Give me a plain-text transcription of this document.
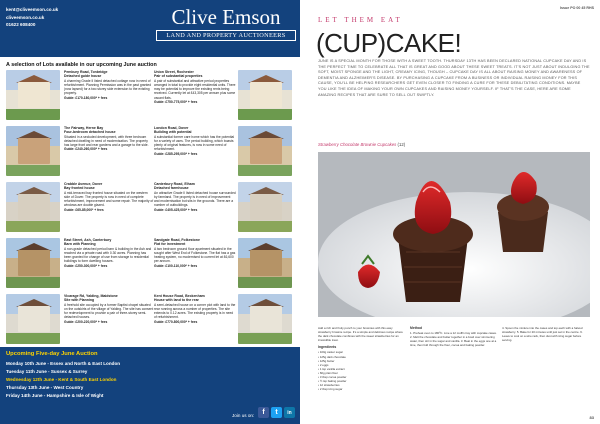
kent@cliveemson.co.uk
cliveemson.co.uk
01622 608400	Clive Emson
LAND AND PROPERTY AUCTIONEERS
A selection of Lots available in our upcoming June auction
Pembury Road, Tonbridge
Detached guide house
A charming Grade II listed detached cottage now in need of refurbishment. Planning Permission was in the past granted (now lapsed) for a two storey side extension to the existing property.
Guide: £170-180,000* + fees
The Fairway, Herne Bay
Four-bedroom detached house
Situated in a secluded development, with three bedroom detached dwelling in need of modernisation. The property has large front and rear gardens and a garage to the side.
Guide: £240-260,000* + fees
Crabble Avenue, Dover
Bay fronted house
A mid-terraced bay fronted house situated on the western side of Dover. The property is now in need of complete refurbishment, improvement and some repair. The majority of windows are double glazed.
Guide: £65-85,000* + fees
East Street, Ash, Canterbury
Barn with Planning
A non-grade detached period barn & building in the Ash and reached via a private road with 0.30 acres. Planning has been granted for change of use from storage to residential buildings to form dwelling houses.
Guide: £250-300,000* + fees
Vicarage Rd, Yalding, Maidstone
Site with Planning
A freehold site occupied by a former Baptist chapel situated on the outskirts of the village of Yalding. The site has consent for redevelopment to provide a pair of three-storey semi-detached houses.
Guide: £200-220,000* + fees
Union Street, Rochester
Pair of substantial properties
A pair of substantial and attractive period properties arranged in total to provide eight residential units. There may be potential to improve the existing rents being received. Currently let at £43,305 per annum plus some vacant flats.
Guide: £750-775,000* + fees
London Road, Dover
Building with potential
A substantial former care home which has the potential for a variety of uses. The period building, which boasts plenty of original features, is now in some need of refurbishment.
Guide: £285-295,000* + fees
Canterbury Road, Elham
Detached farmhouse
An attractive Grade II listed detached house surrounded by farmland. The property is in need of improvement and modernisation but sits in the grounds. There are a number of outbuildings.
Guide: £405-425,000* + fees
Sandgate Road, Folkestone
Flat for investment
A two bedroom ground floor apartment situated in the sought after West End of Folkestone. The flat has a gas heating system, no modernised to current let at £6,600 per annum.
Guide: £100-110,000* + fees
Kent House Road, Beckenham
House with land to the rear
A semi-detached house on a corner plot with land to the rear running across a number of properties. The site extends to 0.12 acres. The existing property is in need of refurbishment.
Guide: £770-800,000* + fees
Upcoming Five-day June Auction
Monday 10th June - Essex and North & East London
Tuesday 11th June - Sussex & Surrey
Wednesday 12th June - Kent & South East London
Thursday 13th June - West Country
Friday 14th June - Hampshire & Isle of Wight
Join us on:	f	t	in
Issue PO 00 45 RHS
LET THEM EAT
(CUP)CAKE!
JUNE IS A SPECIAL MONTH FOR THOSE WITH A SWEET TOOTH. THURSDAY 13TH HAS BEEN DECLARED NATIONAL CUPCAKE DAY AND IS THE PERFECT TIME TO CELEBRATE ALL THAT IS GREAT AND GOOD ABOUT THESE SWEET TREATS. IT'S NOT JUST ABOUT INDULGING THE SOFT, MOIST SPONGE AND THE LIGHT, CREAMY ICING, THOUGH – CUPCAKE DAY IS ALL ABOUT RAISING MONEY AND AWARENESS OF DEMENTIA AND ALZHEIMER'S DISEASE. BY PURCHASING A CUPCAKE FROM A BUSINESS OR INDIVIDUAL RAISING MONEY FOR THIS CAUSE, YOU'LL BE HELPING RESEARCHERS GET EVEN CLOSER TO FINDING A CURE FOR THESE DEBILITATING CONDITIONS. MAYBE YOU LIKE THE IDEA OF MAKING YOUR OWN CUPCAKES AND RAISING MONEY YOURSELF. IF THAT'S THE CASE, HERE ARE SOME AMAZING RECIPES THAT ARE SURE TO SELL OUT SWIFTLY.
Strawberry Chocolate Brownie Cupcakes (12)
Add a rich and fruity punch to your brownies with this easy strawberry brownie recipe. It's a simple and delicious recipe where the dark chocolate combines with the sweet strawberries for an irresistible treat.
Ingredients
• 100g caster sugar
• 125g dark chocolate
• 125g butter
• 2 eggs
• 1 tsp vanilla extract
• 60g plain flour
• 3 tbsp cocoa powder
• ½ tsp baking powder
• 12 strawberries
• 2 tbsp icing sugar
Method
1. Preheat oven to 180ºC. Line a 12 muffin tray with cupcake cases. 2. Melt the chocolate and butter together in a bowl over simmering water, then stir in the sugar and vanilla. 3. Beat in the eggs one at a time, then fold through the flour, cocoa and baking powder.
4. Spoon the mixture into the cases and top each with a halved strawberry. 5. Bake for 20 minutes until just set in the centre. 6. Leave to cool on a wire rack, then dust with icing sugar before serving.
83
